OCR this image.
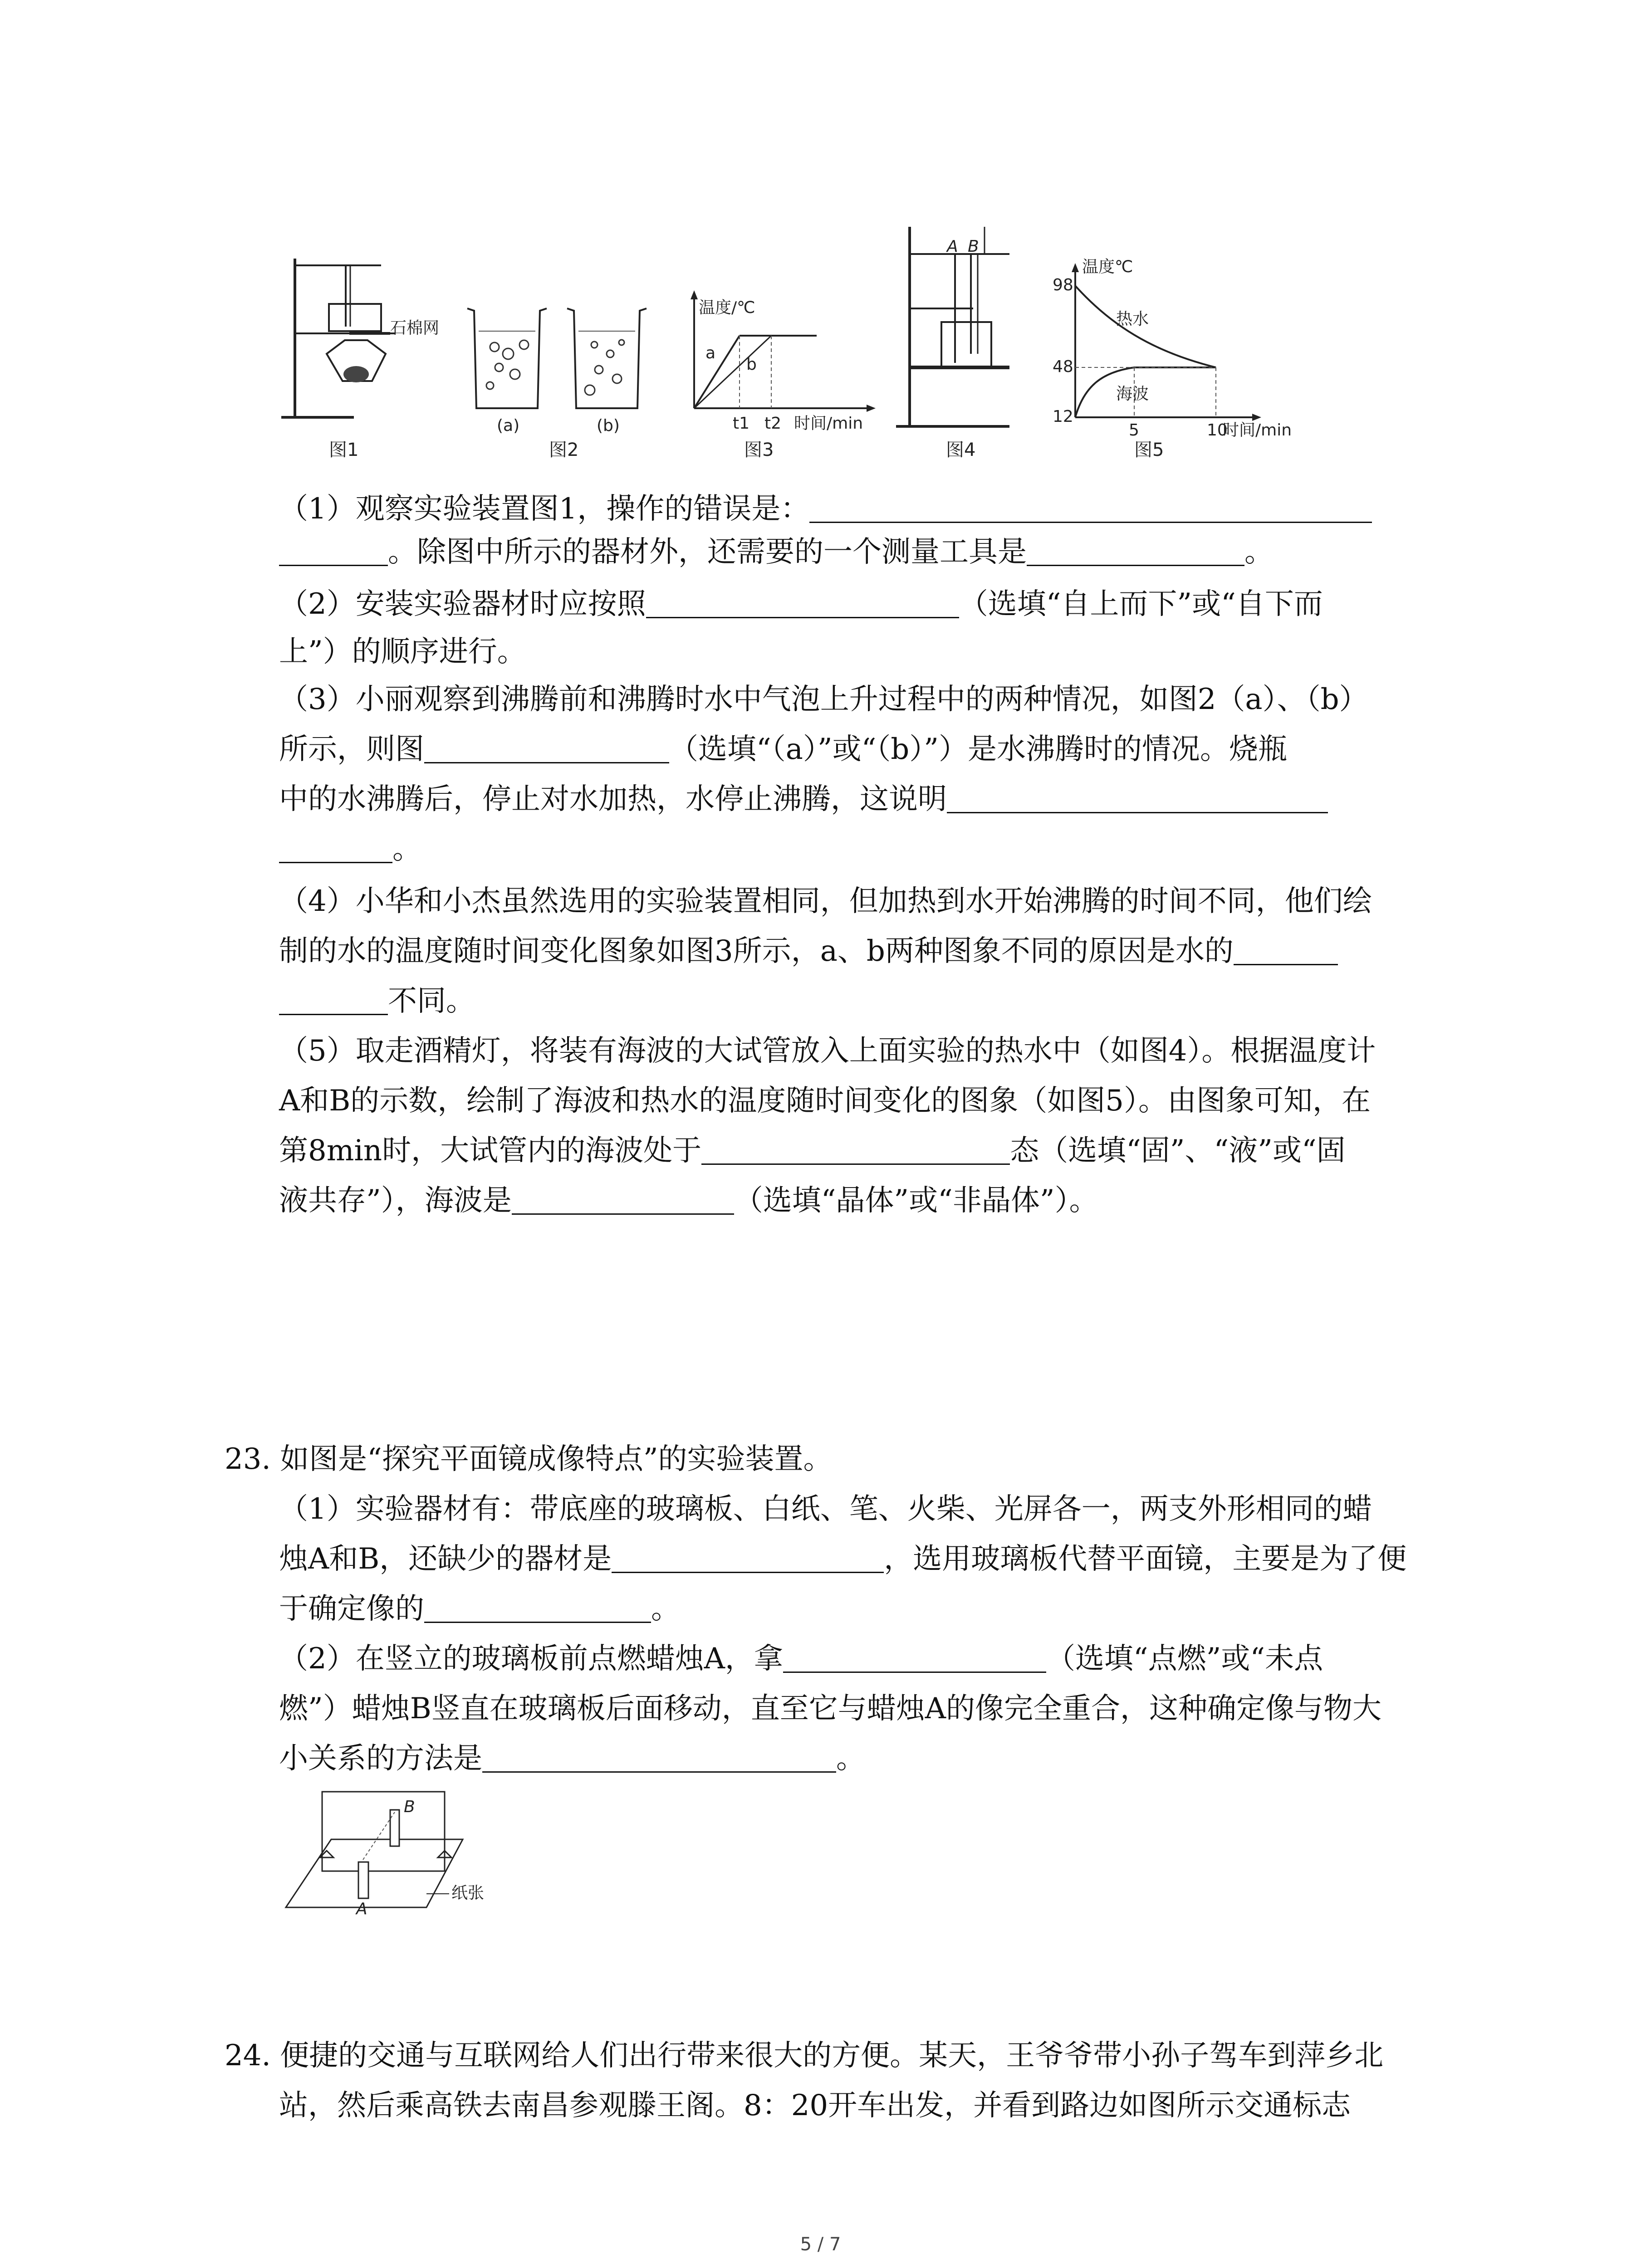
石棉网
图1
(a)	(b)
图2
温度/℃
a
b
t1 t2 时间/min
图3
A B
图4
温度℃
98
48
12
热水
海波
5	10
时间/min
图5
（1）观察实验装置图1，操作的错误是：
。除图中所示的器材外，还需要的一个测量工具是	。
（2）安装实验器材时应按照	（选填“自上而下”或“自下而
上”）的顺序进行。
（3）小丽观察到沸腾前和沸腾时水中气泡上升过程中的两种情况，如图2（a）、（b）
所示，则图	（选填“（a）”或“（b）”）是水沸腾时的情况。烧瓶
中的水沸腾后，停止对水加热，水停止沸腾，这说明
。
（4）小华和小杰虽然选用的实验装置相同，但加热到水开始沸腾的时间不同，他们绘
制的水的温度随时间变化图象如图3所示，a、b两种图象不同的原因是水的
不同。
（5）取走酒精灯，将装有海波的大试管放入上面实验的热水中（如图4）。根据温度计
A和B的示数，绘制了海波和热水的温度随时间变化的图象（如图5）。由图象可知，在
第8min时，大试管内的海波处于	态（选填“固”、“液”或“固
液共存”），海波是	（选填“晶体”或“非晶体”）。
23. 如图是“探究平面镜成像特点”的实验装置。
（1）实验器材有：带底座的玻璃板、白纸、笔、火柴、光屏各一，两支外形相同的蜡
烛A和B，还缺少的器材是	，选用玻璃板代替平面镜，主要是为了便
于确定像的	。
（2）在竖立的玻璃板前点燃蜡烛A，拿	（选填“点燃”或“未点
燃”）蜡烛B竖直在玻璃板后面移动，直至它与蜡烛A的像完全重合，这种确定像与物大
小关系的方法是	。
B
A
纸张
24. 便捷的交通与互联网给人们出行带来很大的方便。某天，王爷爷带小孙子驾车到萍乡北
站，然后乘高铁去南昌参观滕王阁。8：20开车出发，并看到路边如图所示交通标志
5 / 7
